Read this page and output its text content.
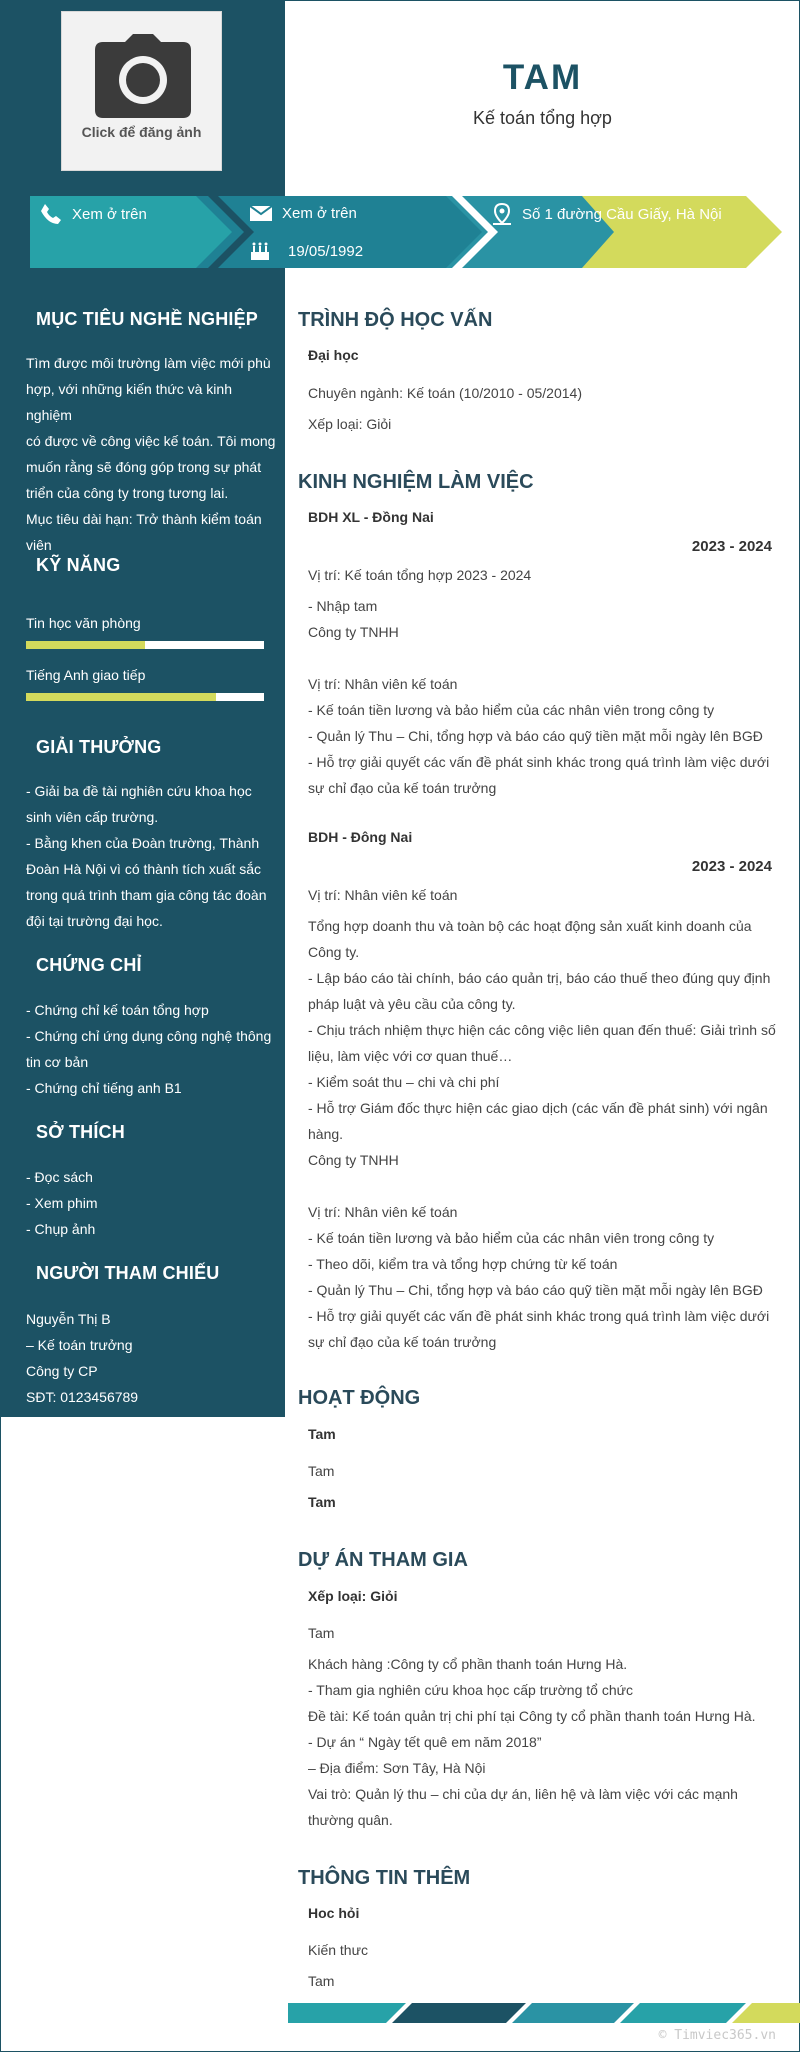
Click để đăng ảnh
TAM
Kế toán tổng hợp
Xem ở trên	Xem ở trên
19/05/1992
Số 1 đường Cầu Giấy, Hà Nội
MỤC TIÊU NGHỀ NGHIỆP
Tìm được môi trường làm việc mới phù
hợp, với những kiến thức và kinh nghiệm
có được về công việc kế toán. Tôi mong
muốn rằng sẽ đóng góp trong sự phát
triển của công ty trong tương lai.
Mục tiêu dài hạn: Trở thành kiểm toán
viên
KỸ NĂNG
Tin học văn phòng
Tiếng Anh giao tiếp
GIẢI THƯỞNG
- Giải ba đề tài nghiên cứu khoa học
sinh viên cấp trường.
- Bằng khen của Đoàn trường, Thành
Đoàn Hà Nội vì có thành tích xuất sắc
trong quá trình tham gia công tác đoàn
đội tại trường đại học.
CHỨNG CHỈ
- Chứng chỉ kế toán tổng hợp
- Chứng chỉ ứng dụng công nghệ thông
tin cơ bản
- Chứng chỉ tiếng anh B1
SỞ THÍCH
- Đọc sách
- Xem phim
- Chụp ảnh
NGƯỜI THAM CHIẾU
Nguyễn Thị B
– Kế toán trưởng
Công ty CP
SĐT: 0123456789
TRÌNH ĐỘ HỌC VẤN
Đại học
Chuyên ngành: Kế toán (10/2010 - 05/2014)
Xếp loại: Giỏi
KINH NGHIỆM LÀM VIỆC
BDH XL - Đồng Nai
2023 - 2024
Vị trí: Kế toán tổng hợp 2023 - 2024
- Nhập tam
Công ty TNHH
Vị trí: Nhân viên kế toán
- Kế toán tiền lương và bảo hiểm của các nhân viên trong công ty
- Quản lý Thu – Chi, tổng hợp và báo cáo quỹ tiền mặt mỗi ngày lên BGĐ
- Hỗ trợ giải quyết các vấn đề phát sinh khác trong quá trình làm việc dưới
sự chỉ đạo của kế toán trưởng
BDH - Đông Nai
2023 - 2024
Vị trí: Nhân viên kế toán
Tổng hợp doanh thu và toàn bộ các hoạt động sản xuất kinh doanh của
Công ty.
- Lập báo cáo tài chính, báo cáo quản trị, báo cáo thuế theo đúng quy định
pháp luật và yêu cầu của công ty.
- Chịu trách nhiệm thực hiện các công việc liên quan đến thuế: Giải trình số
liệu, làm việc với cơ quan thuế…
- Kiểm soát thu – chi và chi phí
- Hỗ trợ Giám đốc thực hiện các giao dịch (các vấn đề phát sinh) với ngân
hàng.
Công ty TNHH
Vị trí: Nhân viên kế toán
- Kế toán tiền lương và bảo hiểm của các nhân viên trong công ty
- Theo dõi, kiểm tra và tổng hợp chứng từ kế toán
- Quản lý Thu – Chi, tổng hợp và báo cáo quỹ tiền mặt mỗi ngày lên BGĐ
- Hỗ trợ giải quyết các vấn đề phát sinh khác trong quá trình làm việc dưới
sự chỉ đạo của kế toán trưởng
HOẠT ĐỘNG
Tam
Tam
Tam
DỰ ÁN THAM GIA
Xếp loại: Giỏi
Tam
Khách hàng :Công ty cổ phần thanh toán Hưng Hà.
- Tham gia nghiên cứu khoa học cấp trường tổ chức
Đề tài: Kế toán quản trị chi phí tại Công ty cổ phần thanh toán Hưng Hà.
- Dự án “ Ngày tết quê em năm 2018”
– Địa điểm: Sơn Tây, Hà Nội
Vai trò: Quản lý thu – chi của dự án, liên hệ và làm việc với các mạnh
thường quân.
THÔNG TIN THÊM
Hoc hỏi
Kiến thưc
Tam
© Timviec365.vn
